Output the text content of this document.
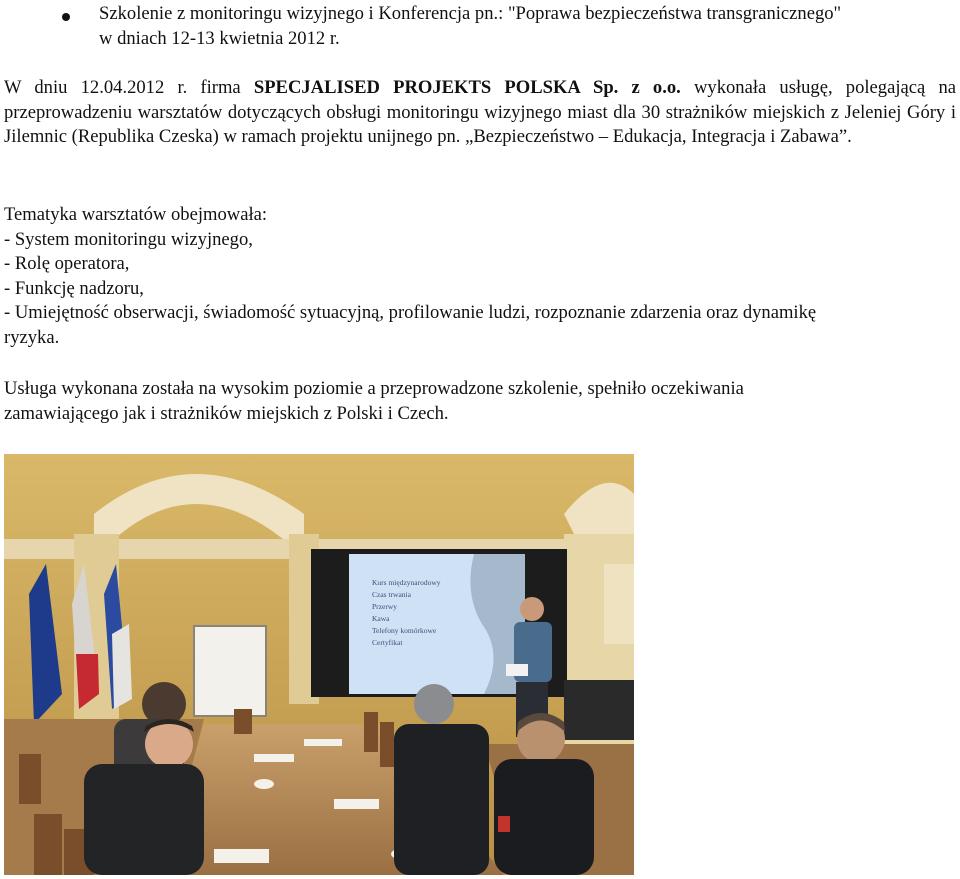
Szkolenie z monitoringu wizyjnego i Konferencja pn.: "Poprawa bezpieczeństwa transgranicznego"
w dniach 12-13 kwietnia 2012 r.
W dniu 12.04.2012 r. firma SPECJALISED PROJEKTS POLSKA Sp. z o.o. wykonała usługę, polegającą na przeprowadzeniu warsztatów dotyczących obsługi monitoringu wizyjnego miast dla 30 strażników miejskich z Jeleniej Góry i Jilemnic (Republika Czeska) w ramach projektu unijnego pn. „Bezpieczeństwo – Edukacja, Integracja i Zabawa”.
Tematyka warsztatów obejmowała:
- System monitoringu wizyjnego,
- Rolę operatora,
- Funkcję nadzoru,
- Umiejętność obserwacji, świadomość sytuacyjną, profilowanie ludzi, rozpoznanie zdarzenia oraz dynamikę
ryzyka.
Usługa wykonana została na wysokim poziomie a przeprowadzone szkolenie, spełniło oczekiwania
zamawiającego jak i strażników miejskich z Polski i Czech.
Kurs międzynarodowy
Czas trwania
Przerwy
Kawa
Telefony komórkowe
Certyfikat
